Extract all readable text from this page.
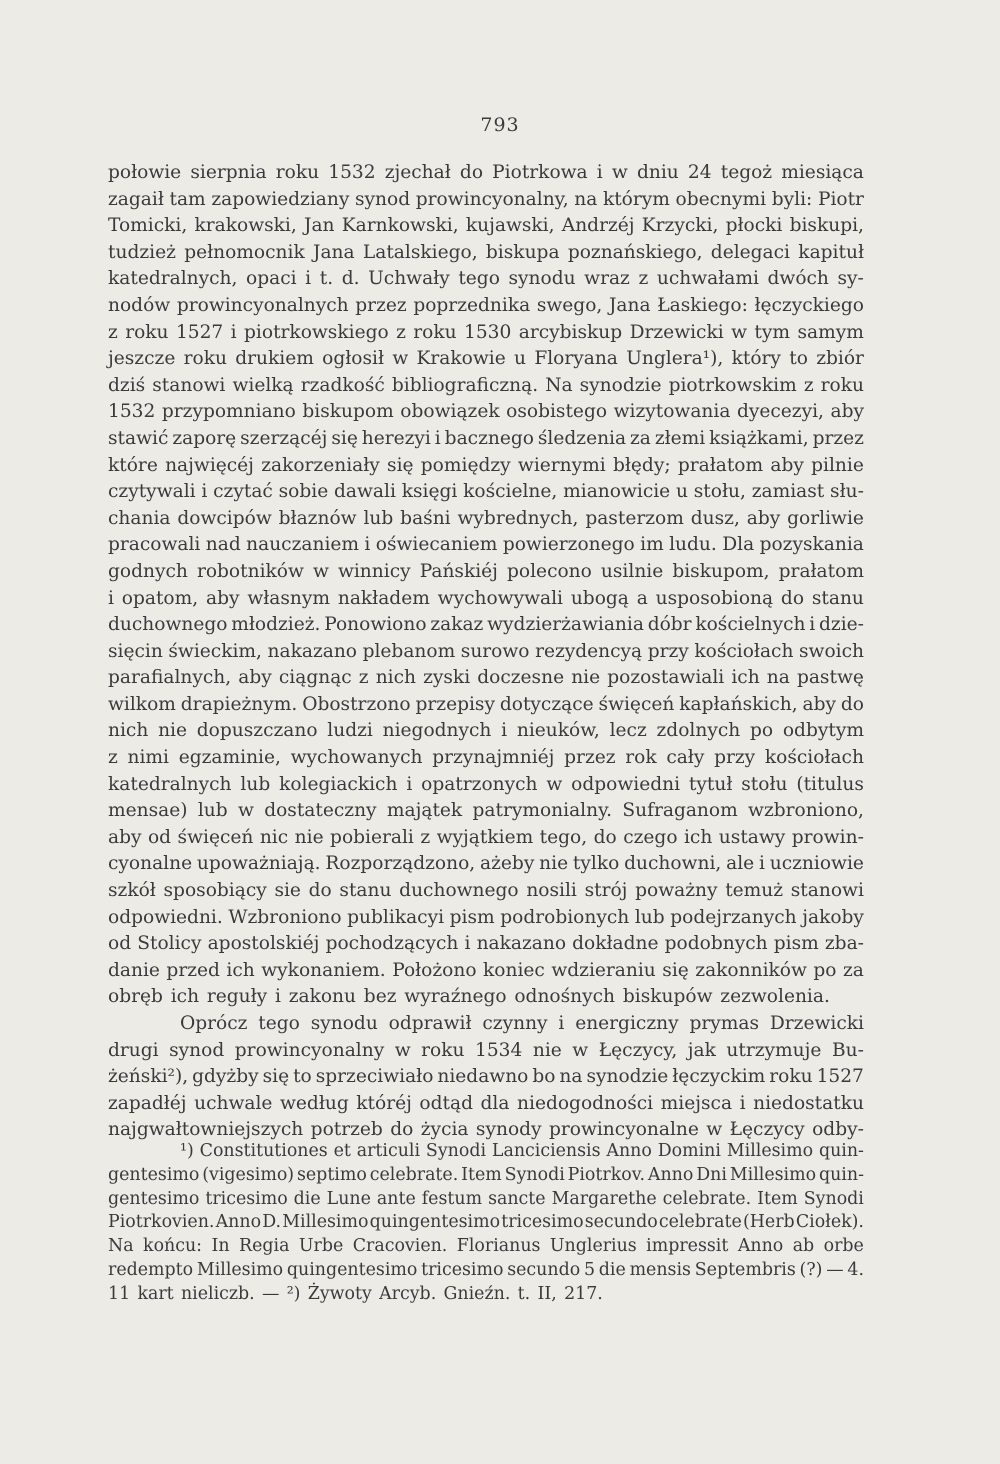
793
połowie sierpnia roku 1532 zjechał do Piotrkowa i w dniu 24 tegoż miesiąca
zagaił tam zapowiedziany synod prowincyonalny, na którym obecnymi byli: Piotr
Tomicki, krakowski, Jan Karnkowski, kujawski, Andrzéj Krzycki, płocki biskupi,
tudzież pełnomocnik Jana Latalskiego, biskupa poznańskiego, delegaci kapituł
katedralnych, opaci i t. d. Uchwały tego synodu wraz z uchwałami dwóch sy-
nodów prowincyonalnych przez poprzednika swego, Jana Łaskiego: łęczyckiego
z roku 1527 i piotrkowskiego z roku 1530 arcybiskup Drzewicki w tym samym
jeszcze roku drukiem ogłosił w Krakowie u Floryana Unglera¹), który to zbiór
dziś stanowi wielką rzadkość bibliograficzną. Na synodzie piotrkowskim z roku
1532 przypomniano biskupom obowiązek osobistego wizytowania dyecezyi, aby
stawić zaporę szerzącéj się herezyi i bacznego śledzenia za złemi książkami, przez
które najwięcéj zakorzeniały się pomiędzy wiernymi błędy; prałatom aby pilnie
czytywali i czytać sobie dawali księgi kościelne, mianowicie u stołu, zamiast słu-
chania dowcipów błaznów lub baśni wybrednych, pasterzom dusz, aby gorliwie
pracowali nad nauczaniem i oświecaniem powierzonego im ludu. Dla pozyskania
godnych robotników w winnicy Pańskiéj polecono usilnie biskupom, prałatom
i opatom, aby własnym nakładem wychowywali ubogą a usposobioną do stanu
duchownego młodzież. Ponowiono zakaz wydzierżawiania dóbr kościelnych i dzie-
sięcin świeckim, nakazano plebanom surowo rezydencyą przy kościołach swoich
parafialnych, aby ciągnąc z nich zyski doczesne nie pozostawiali ich na pastwę
wilkom drapieżnym. Obostrzono przepisy dotyczące święceń kapłańskich, aby do
nich nie dopuszczano ludzi niegodnych i nieuków, lecz zdolnych po odbytym
z nimi egzaminie, wychowanych przynajmniéj przez rok cały przy kościołach
katedralnych lub kolegiackich i opatrzonych w odpowiedni tytuł stołu (titulus
mensae) lub w dostateczny majątek patrymonialny. Sufraganom wzbroniono,
aby od święceń nic nie pobierali z wyjątkiem tego, do czego ich ustawy prowin-
cyonalne upoważniają. Rozporządzono, ażeby nie tylko duchowni, ale i uczniowie
szkół sposobiący sie do stanu duchownego nosili strój poważny temuż stanowi
odpowiedni. Wzbroniono publikacyi pism podrobionych lub podejrzanych jakoby
od Stolicy apostolskiéj pochodzących i nakazano dokładne podobnych pism zba-
danie przed ich wykonaniem. Położono koniec wdzieraniu się zakonników po za
obręb ich reguły i zakonu bez wyraźnego odnośnych biskupów zezwolenia.
Oprócz tego synodu odprawił czynny i energiczny prymas Drzewicki
drugi synod prowincyonalny w roku 1534 nie w Łęczycy, jak utrzymuje Bu-
żeński²), gdyżby się to sprzeciwiało niedawno bo na synodzie łęczyckim roku 1527
zapadłéj uchwale według któréj odtąd dla niedogodności miejsca i niedostatku
najgwałtowniejszych potrzeb do życia synody prowincyonalne w Łęczycy odby-
¹) Constitutiones et articuli Synodi Lanciciensis Anno Domini Millesimo quin-
gentesimo (vigesimo) septimo celebrate. Item Synodi Piotrkov. Anno Dni Millesimo quin-
gentesimo tricesimo die Lune ante festum sancte Margarethe celebrate. Item Synodi
Piotrkovien. Anno D. Millesimo quingentesimo tricesimo secundo celebrate (Herb Ciołek).
Na końcu: In Regia Urbe Cracovien. Florianus Unglerius impressit Anno ab orbe
redempto Millesimo quingentesimo tricesimo secundo 5 die mensis Septembris (?) — 4.
11 kart nieliczb. — ²) Żywoty Arcyb. Gnieźn. t. II, 217.
